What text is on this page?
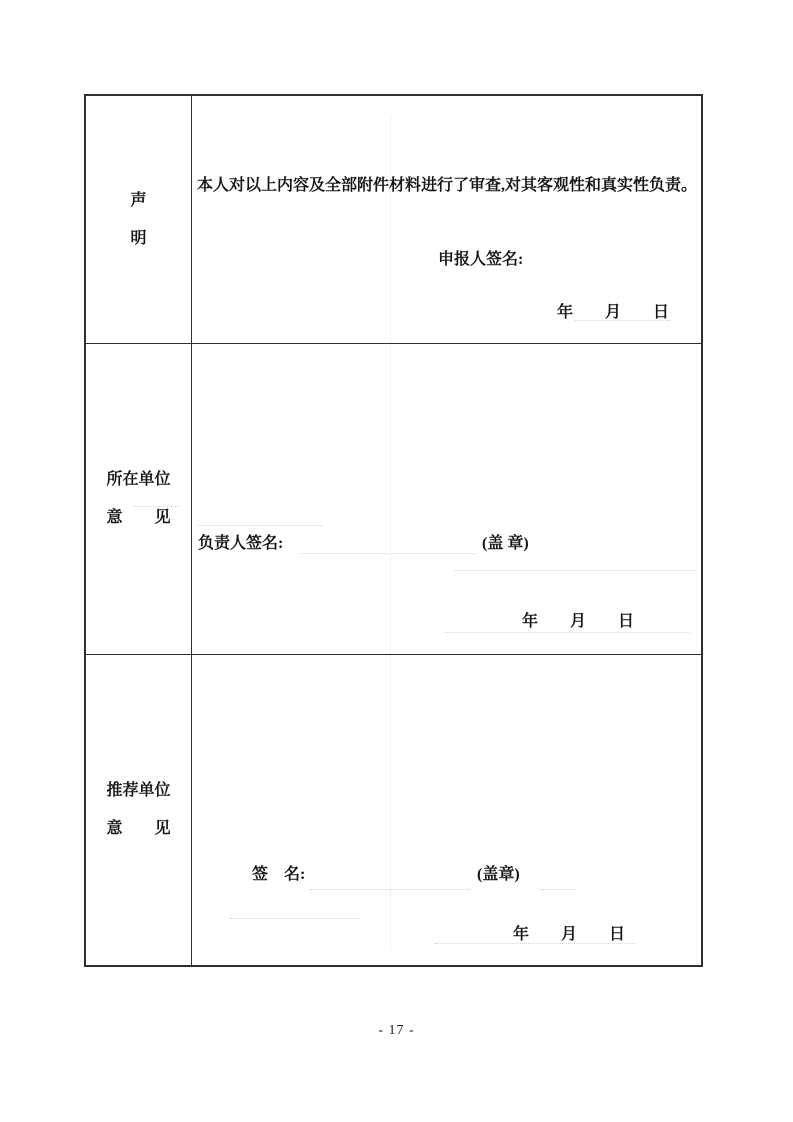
声
明
本人对以上内容及全部附件材料进行了审查,对其客观性和真实性负责。
申报人签名:
年　　月　　日
所在单位
意　　见
负责人签名:	(盖 章)
年　　月　　日
推荐单位
意　　见
签　名:	(盖章)
年　　月　　日
- 17 -
